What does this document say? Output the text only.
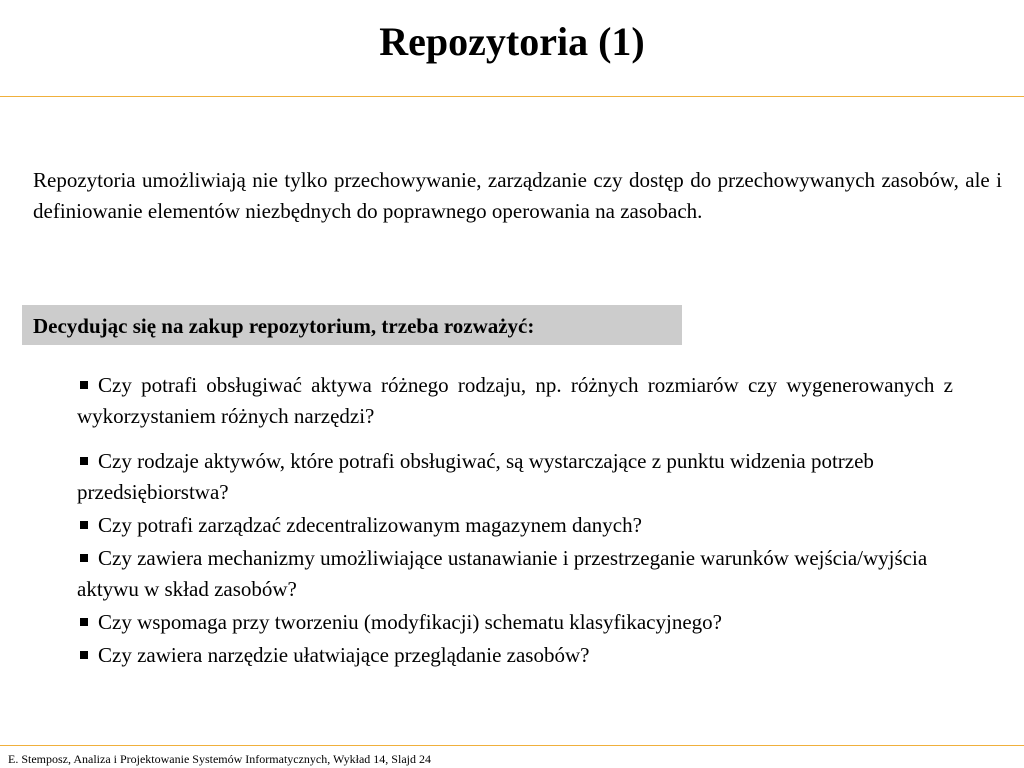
Repozytoria (1)

Repozytoria umożliwiają nie tylko przechowywanie, zarządzanie czy dostęp do przechowywanych zasobów, ale i definiowanie elementów niezbędnych do poprawnego operowania na zasobach.

Decydując się na zakup repozytorium, trzeba rozważyć:
Czy potrafi obsługiwać aktywa różnego rodzaju, np. różnych rozmiarów czy wygenerowanych z wykorzystaniem różnych narzędzi?
Czy rodzaje aktywów, które potrafi obsługiwać, są wystarczające z punktu widzenia potrzeb przedsiębiorstwa?
Czy potrafi zarządzać zdecentralizowanym magazynem danych?
Czy zawiera mechanizmy umożliwiające ustanawianie i przestrzeganie warunków wejścia/wyjścia aktywu w skład zasobów?
Czy wspomaga przy tworzeniu (modyfikacji) schematu klasyfikacyjnego?
Czy zawiera narzędzie ułatwiające przeglądanie zasobów?
E. Stemposz, Analiza i Projektowanie Systemów Informatycznych, Wykład 14, Slajd 24
